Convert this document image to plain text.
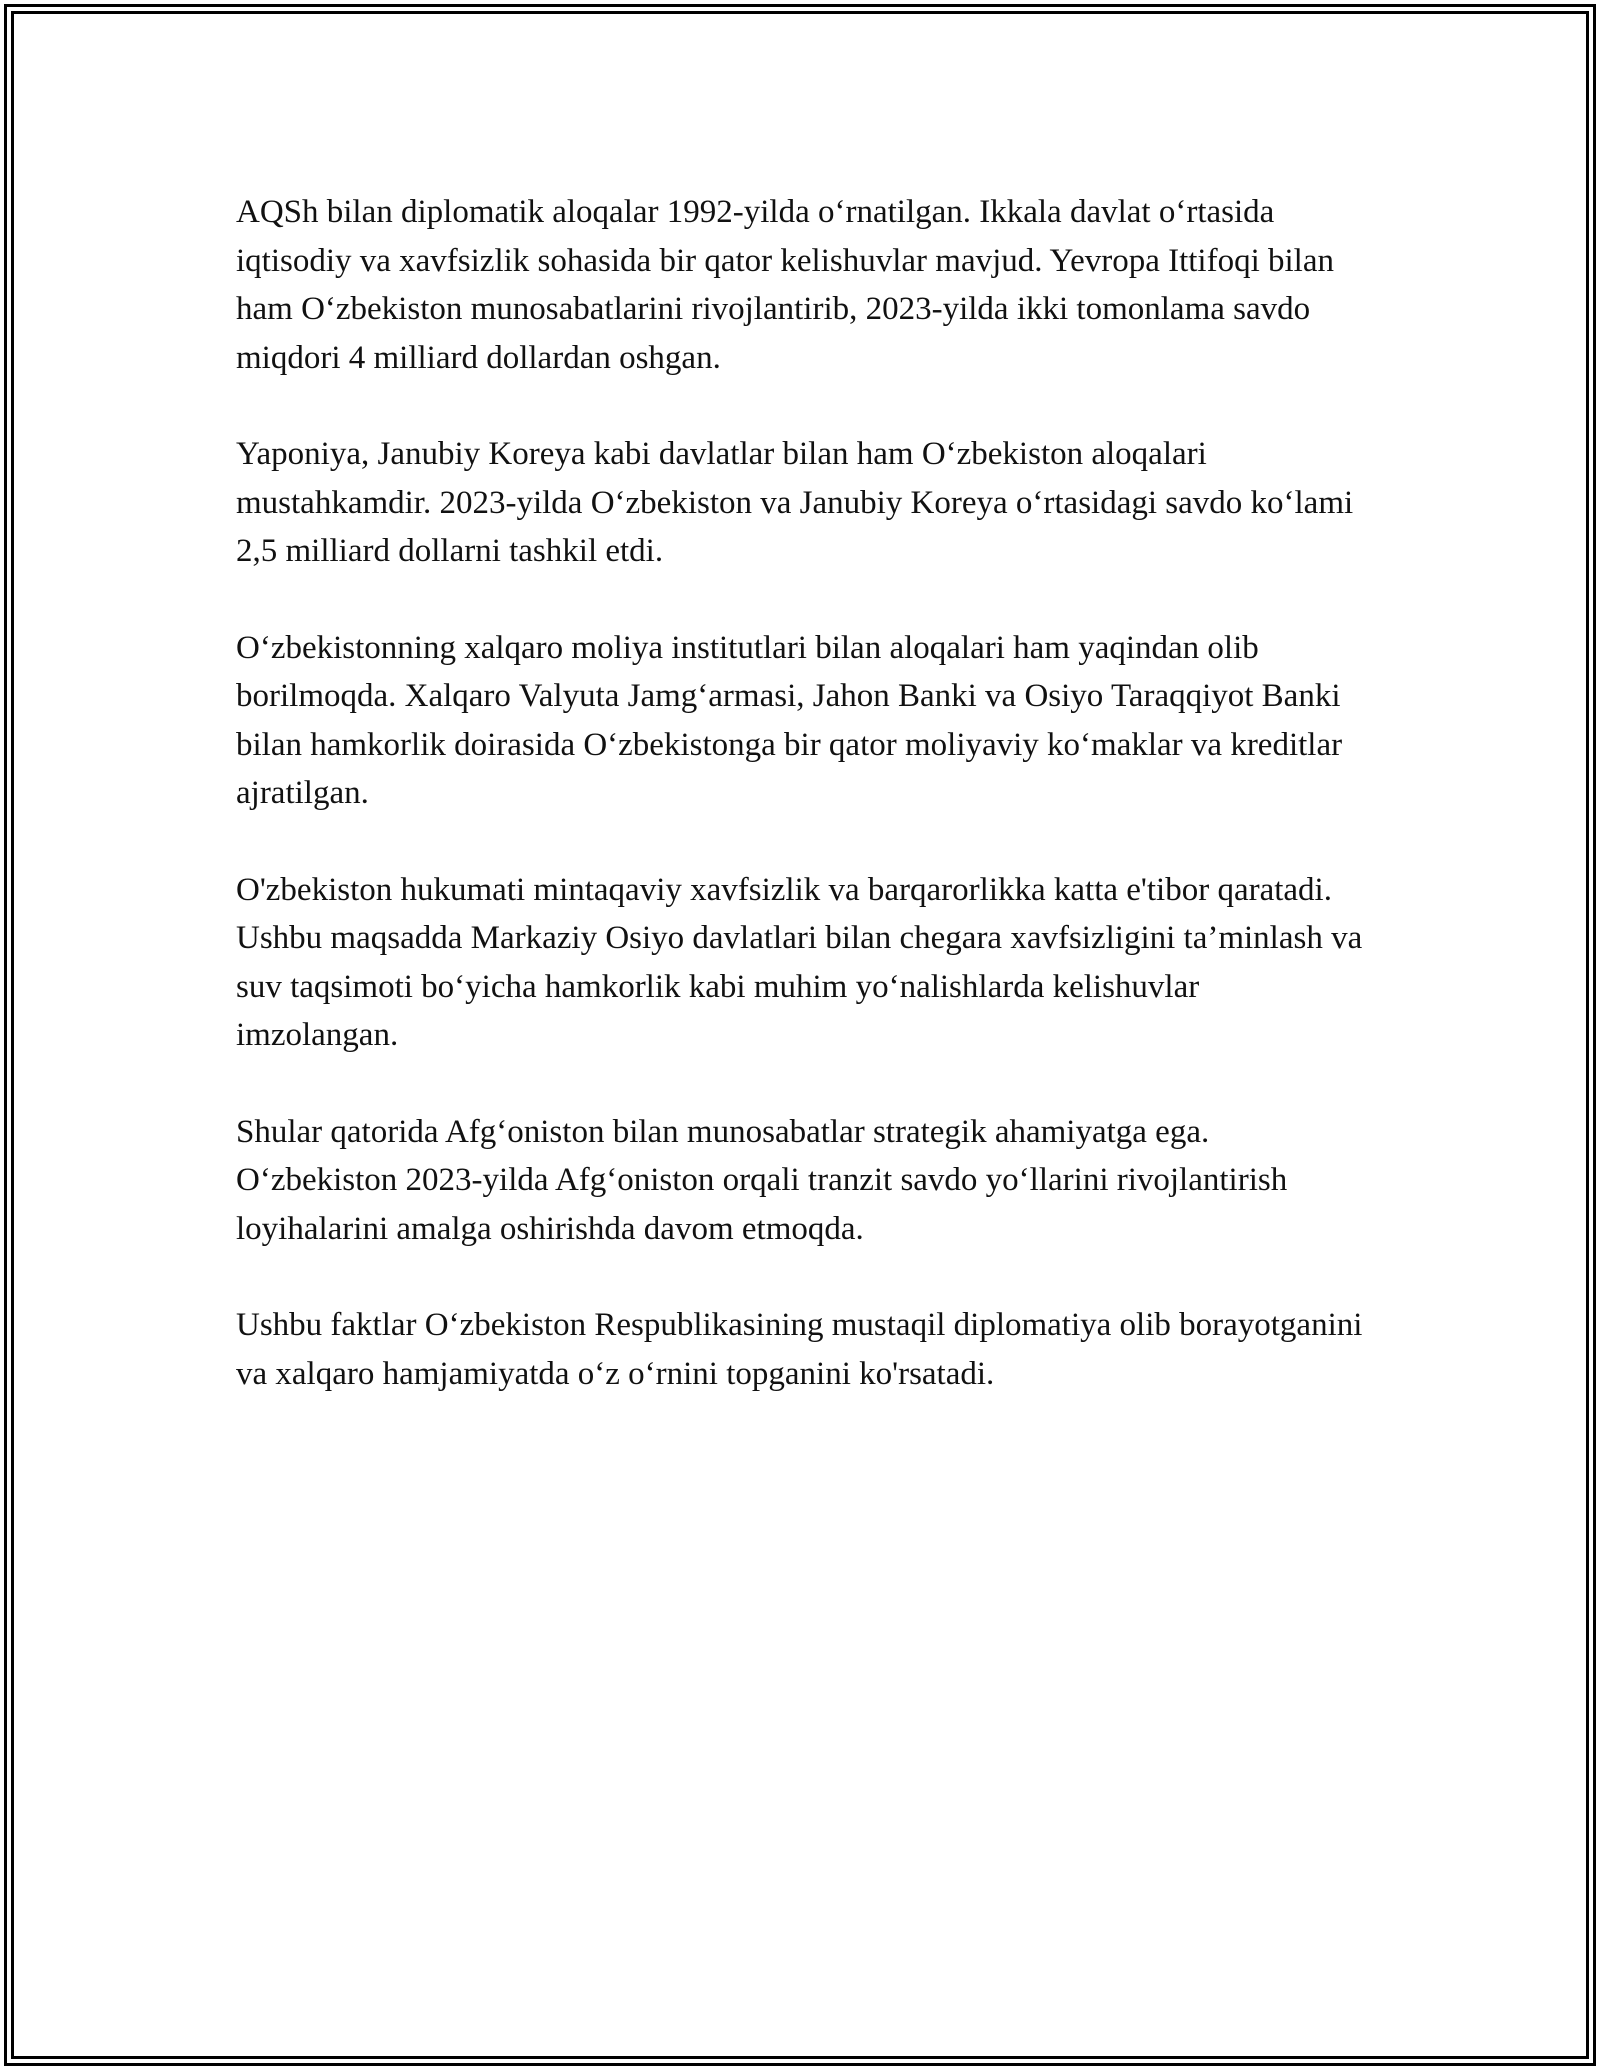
AQSh bilan diplomatik aloqalar 1992-yilda o‘rnatilgan. Ikkala davlat o‘rtasida iqtisodiy va xavfsizlik sohasida bir qator kelishuvlar mavjud. Yevropa Ittifoqi bilan ham O‘zbekiston munosabatlarini rivojlantirib, 2023-yilda ikki tomonlama savdo miqdori 4 milliard dollardan oshgan.

Yaponiya, Janubiy Koreya kabi davlatlar bilan ham O‘zbekiston aloqalari mustahkamdir. 2023-yilda O‘zbekiston va Janubiy Koreya o‘rtasidagi savdo ko‘lami 2,5 milliard dollarni tashkil etdi.

O‘zbekistonning xalqaro moliya institutlari bilan aloqalari ham yaqindan olib borilmoqda. Xalqaro Valyuta Jamg‘armasi, Jahon Banki va Osiyo Taraqqiyot Banki bilan hamkorlik doirasida O‘zbekistonga bir qator moliyaviy ko‘maklar va kreditlar ajratilgan.

O'zbekiston hukumati mintaqaviy xavfsizlik va barqarorlikka katta e'tibor qaratadi. Ushbu maqsadda Markaziy Osiyo davlatlari bilan chegara xavfsizligini ta’minlash va suv taqsimoti bo‘yicha hamkorlik kabi muhim yo‘nalishlarda kelishuvlar imzolangan.

Shular qatorida Afg‘oniston bilan munosabatlar strategik ahamiyatga ega. O‘zbekiston 2023-yilda Afg‘oniston orqali tranzit savdo yo‘llarini rivojlantirish loyihalarini amalga oshirishda davom etmoqda.

Ushbu faktlar O‘zbekiston Respublikasining mustaqil diplomatiya olib borayotganini va xalqaro hamjamiyatda o‘z o‘rnini topganini ko'rsatadi.
